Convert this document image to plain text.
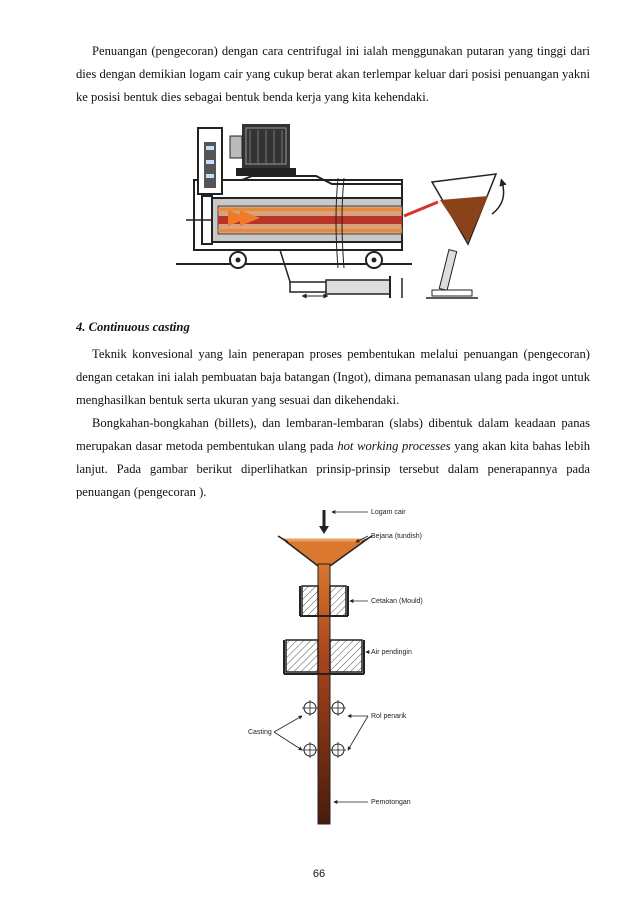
Penuangan (pengecoran) dengan cara centrifugal ini ialah menggunakan putaran yang tinggi dari dies dengan demikian logam cair yang cukup berat akan terlempar keluar dari posisi penuangan yakni ke posisi bentuk dies sebagai bentuk benda kerja yang kita kehendaki.

4. Continuous casting

Teknik konvesional yang lain penerapan proses pembentukan melalui penuangan (pengecoran) dengan cetakan ini ialah pembuatan baja batangan (Ingot), dimana pemanasan ulang pada ingot untuk menghasilkan bentuk serta ukuran yang sesuai dan dikehendaki.

Bongkahan-bongkahan (billets), dan lembaran-lembaran (slabs) dibentuk dalam keadaan panas merupakan dasar metoda pembentukan ulang pada hot working processes yang akan kita bahas lebih lanjut. Pada gambar berikut diperlihatkan prinsip-prinsip tersebut dalam penerapannya pada penuangan (pengecoran ).

Logam cair
Bejana (tundish)
Cetakan (Mould)
Air pendingin
Rol penarik
Casting
Pemotongan
66
